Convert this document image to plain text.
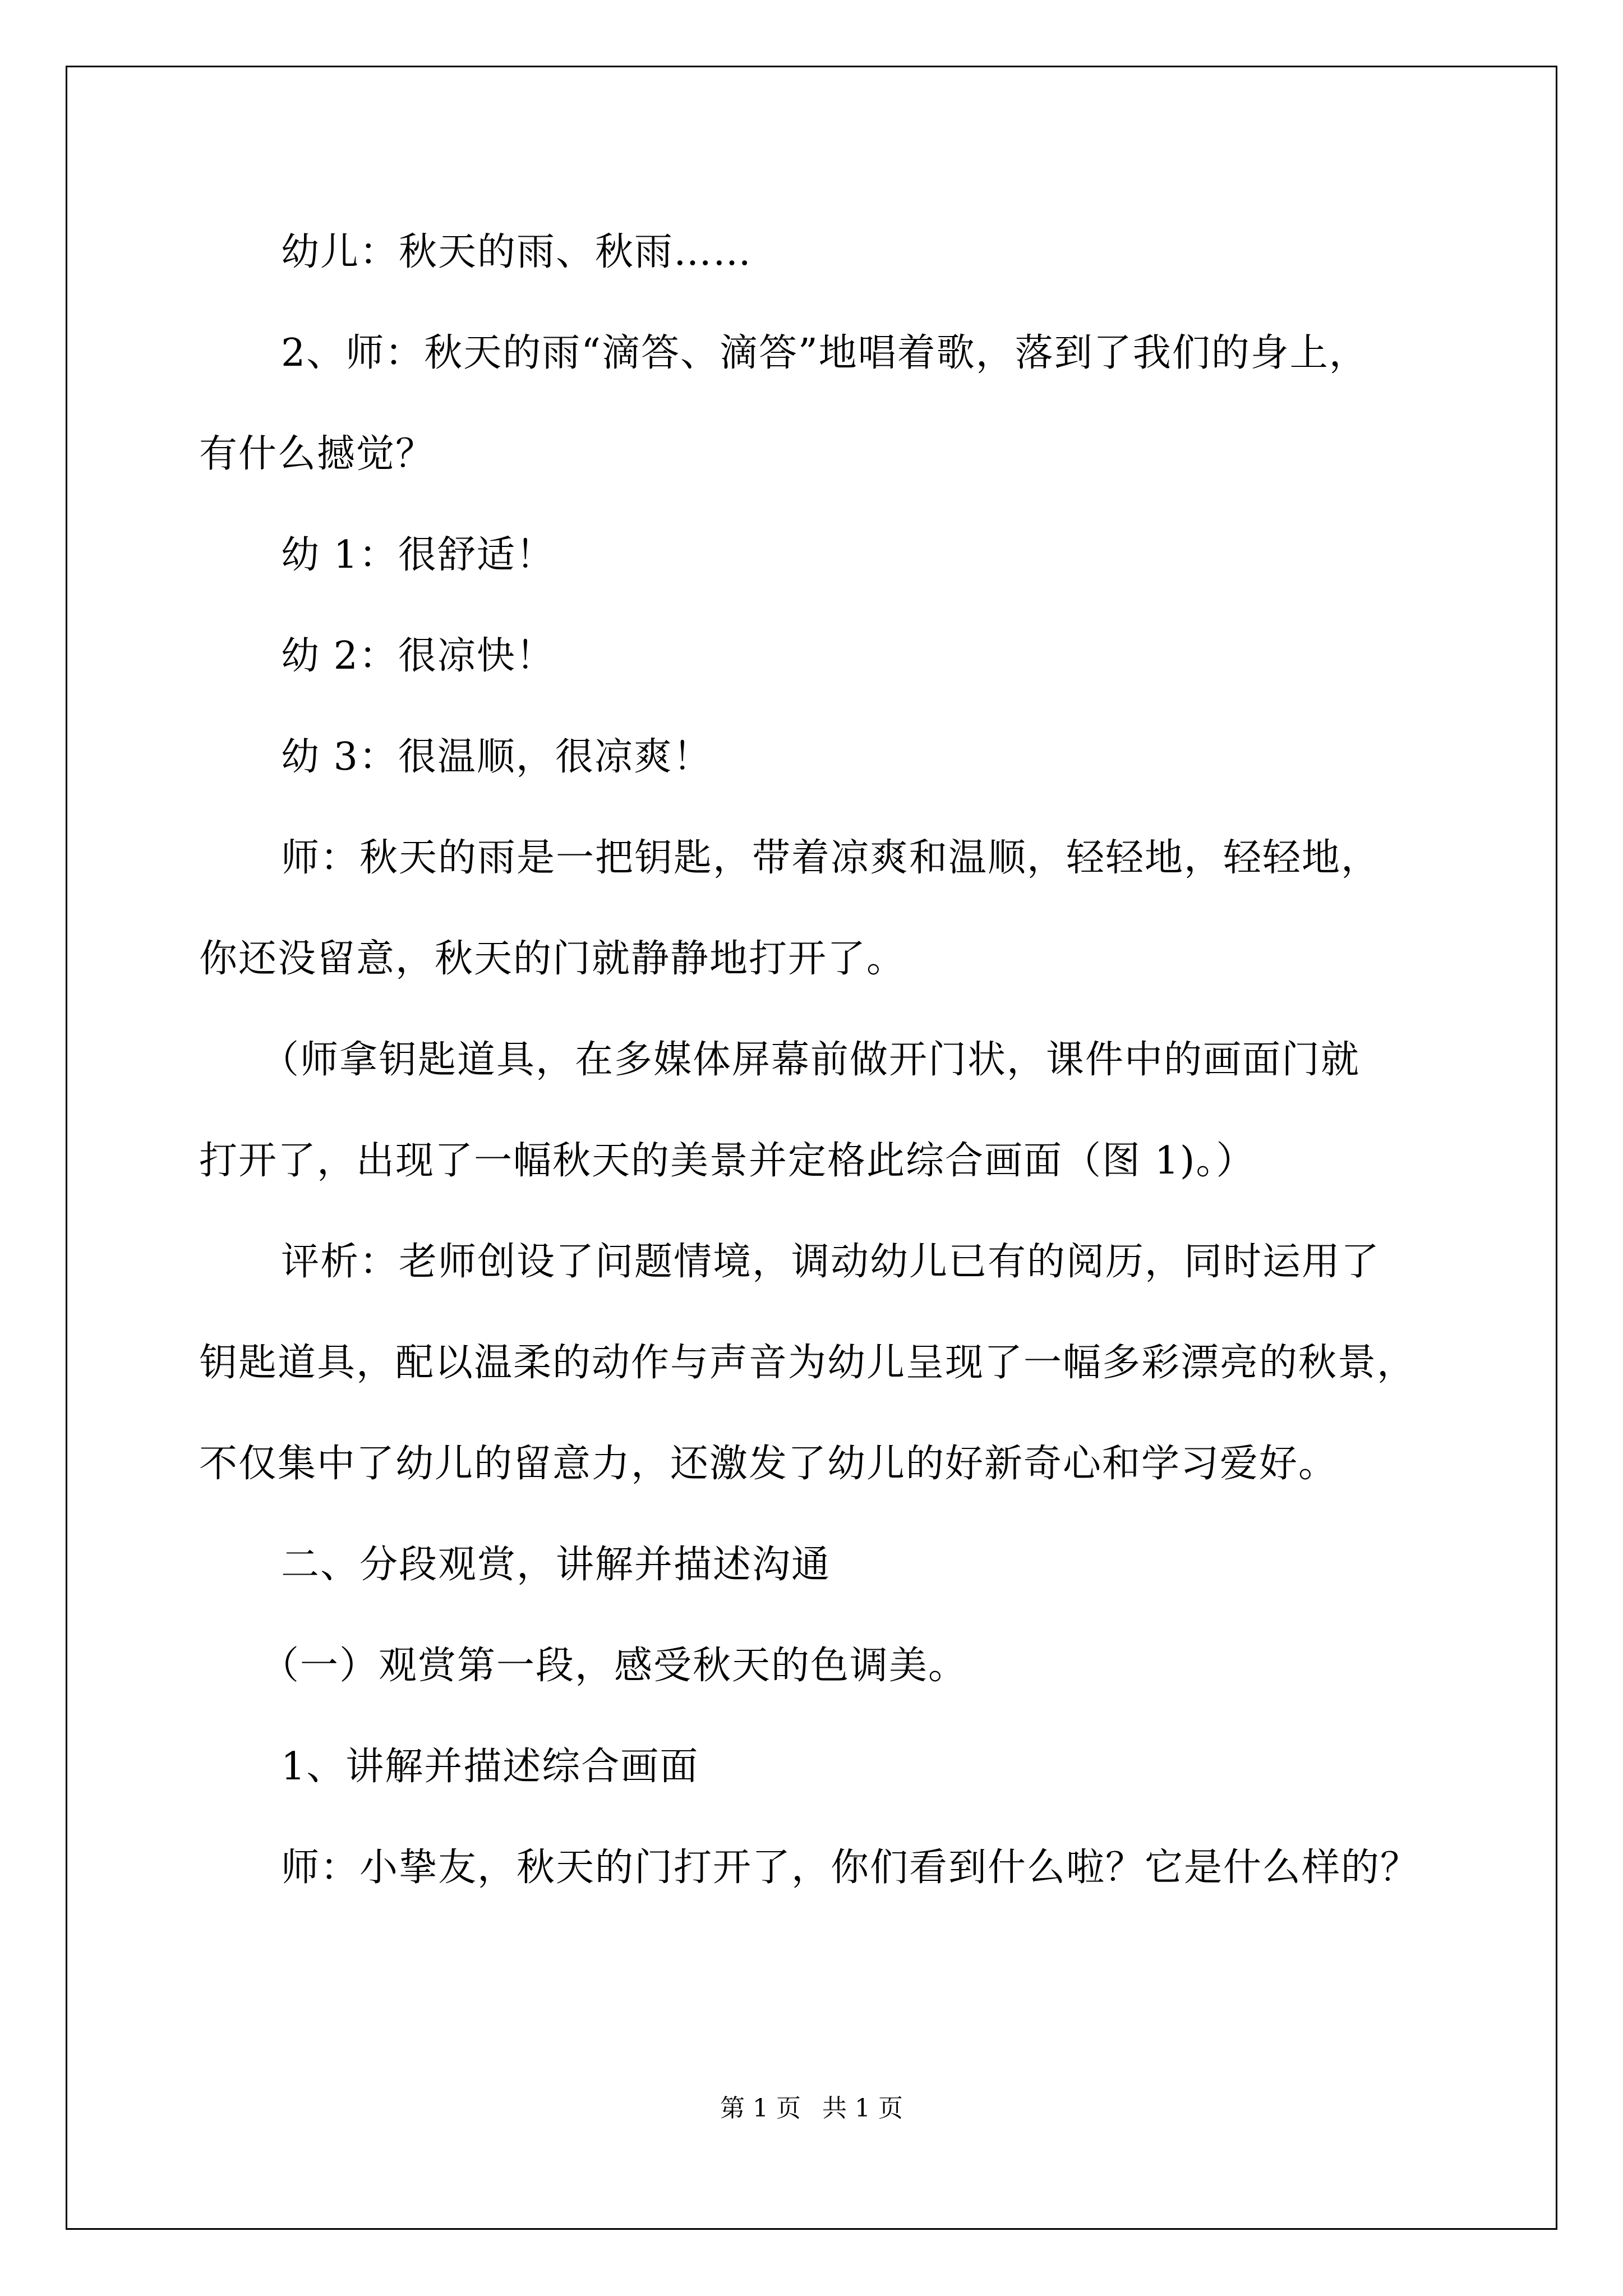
幼儿：秋天的雨、秋雨……
2、师：秋天的雨“滴答、滴答”地唱着歌，落到了我们的身上，
有什么撼觉？
幼 1：很舒适！
幼 2：很凉快！
幼 3：很温顺，很凉爽！
师：秋天的雨是一把钥匙，带着凉爽和温顺，轻轻地，轻轻地，
你还没留意，秋天的门就静静地打开了。
（师拿钥匙道具，在多媒体屏幕前做开门状，课件中的画面门就
打开了，出现了一幅秋天的美景并定格此综合画面（图 1)。）
评析：老师创设了问题情境，调动幼儿已有的阅历，同时运用了
钥匙道具，配以温柔的动作与声音为幼儿呈现了一幅多彩漂亮的秋景，
不仅集中了幼儿的留意力，还激发了幼儿的好新奇心和学习爱好。
二、分段观赏，讲解并描述沟通
（一）观赏第一段，感受秋天的色调美。
1、讲解并描述综合画面
师：小挚友，秋天的门打开了，你们看到什么啦？它是什么样的？
第 1 页 共 1 页
